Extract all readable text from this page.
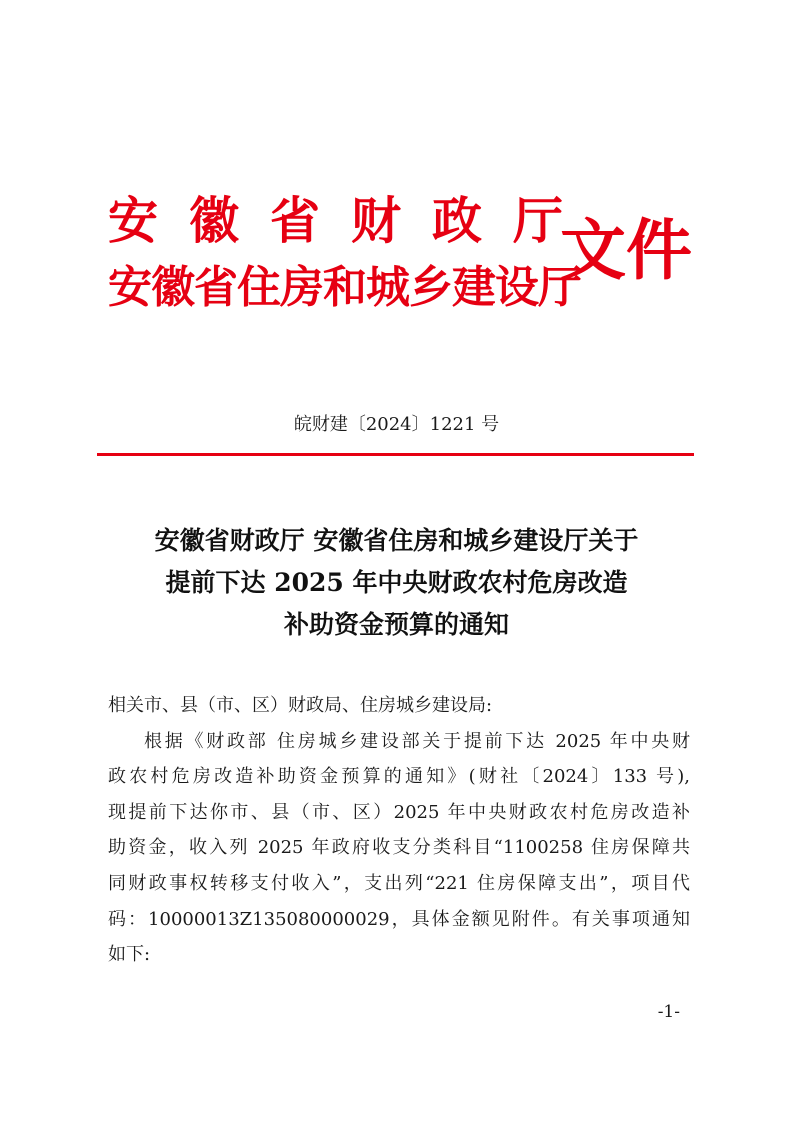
安 徽 省 财 政 厅
安徽省住房和城乡建设厅
文件
皖财建〔2024〕1221 号
安徽省财政厅 安徽省住房和城乡建设厅关于
提前下达 2025 年中央财政农村危房改造
补助资金预算的通知
相关市、县（市、区）财政局、住房城乡建设局:
根据《财政部 住房城乡建设部关于提前下达 2025 年中央财
政农村危房改造补助资金预算的通知》(财社〔2024〕133 号),
现提前下达你市、县（市、区）2025 年中央财政农村危房改造补
助资金，收入列 2025 年政府收支分类科目“1100258 住房保障共
同财政事权转移支付收入”，支出列“221 住房保障支出”，项目代
码：10000013Z135080000029，具体金额见附件。有关事项通知
如下:
-1-
